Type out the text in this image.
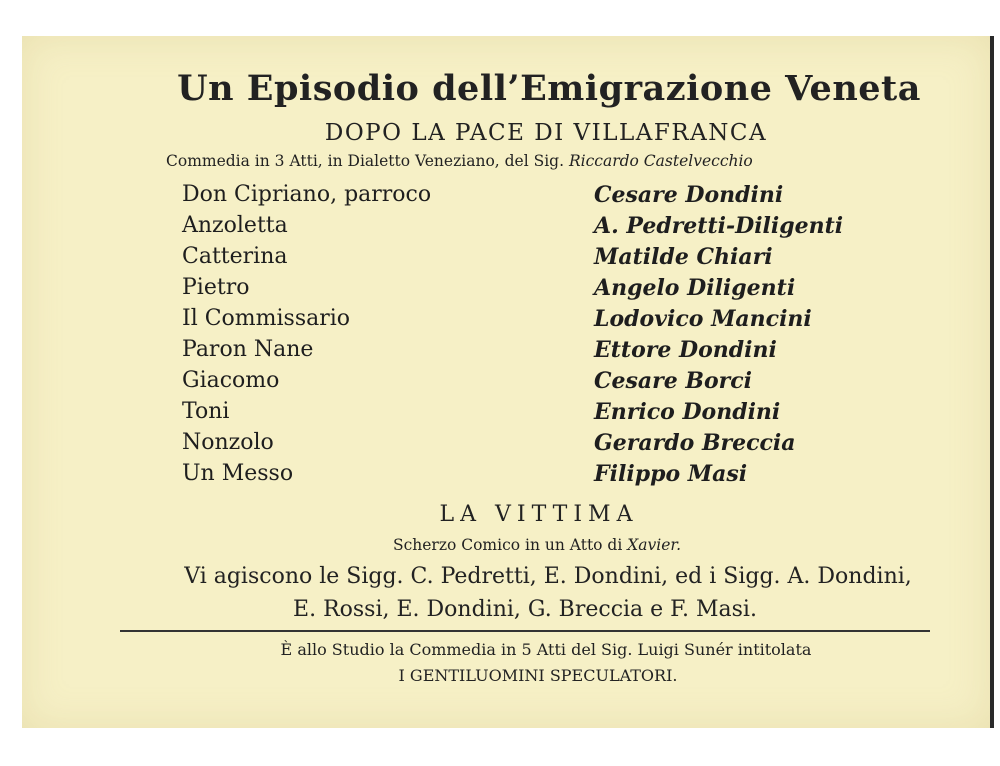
Un Episodio dell’Emigrazione Veneta
DOPO LA PACE DI VILLAFRANCA
Commedia in 3 Atti, in Dialetto Veneziano, del Sig. Riccardo Castelvecchio
Don Cipriano, parroco	Cesare Dondini
Anzoletta	A. Pedretti-Diligenti
Catterina	Matilde Chiari
Pietro	Angelo Diligenti
Il Commissario	Lodovico Mancini
Paron Nane	Ettore Dondini
Giacomo	Cesare Borci
Toni	Enrico Dondini
Nonzolo	Gerardo Breccia
Un Messo	Filippo Masi
LA VITTIMA
Scherzo Comico in un Atto di Xavier.
Vi agiscono le Sigg. C. Pedretti, E. Dondini, ed i Sigg. A. Dondini,
E. Rossi, E. Dondini, G. Breccia e F. Masi.
È allo Studio la Commedia in 5 Atti del Sig. Luigi Sunér intitolata
I GENTILUOMINI SPECULATORI.
